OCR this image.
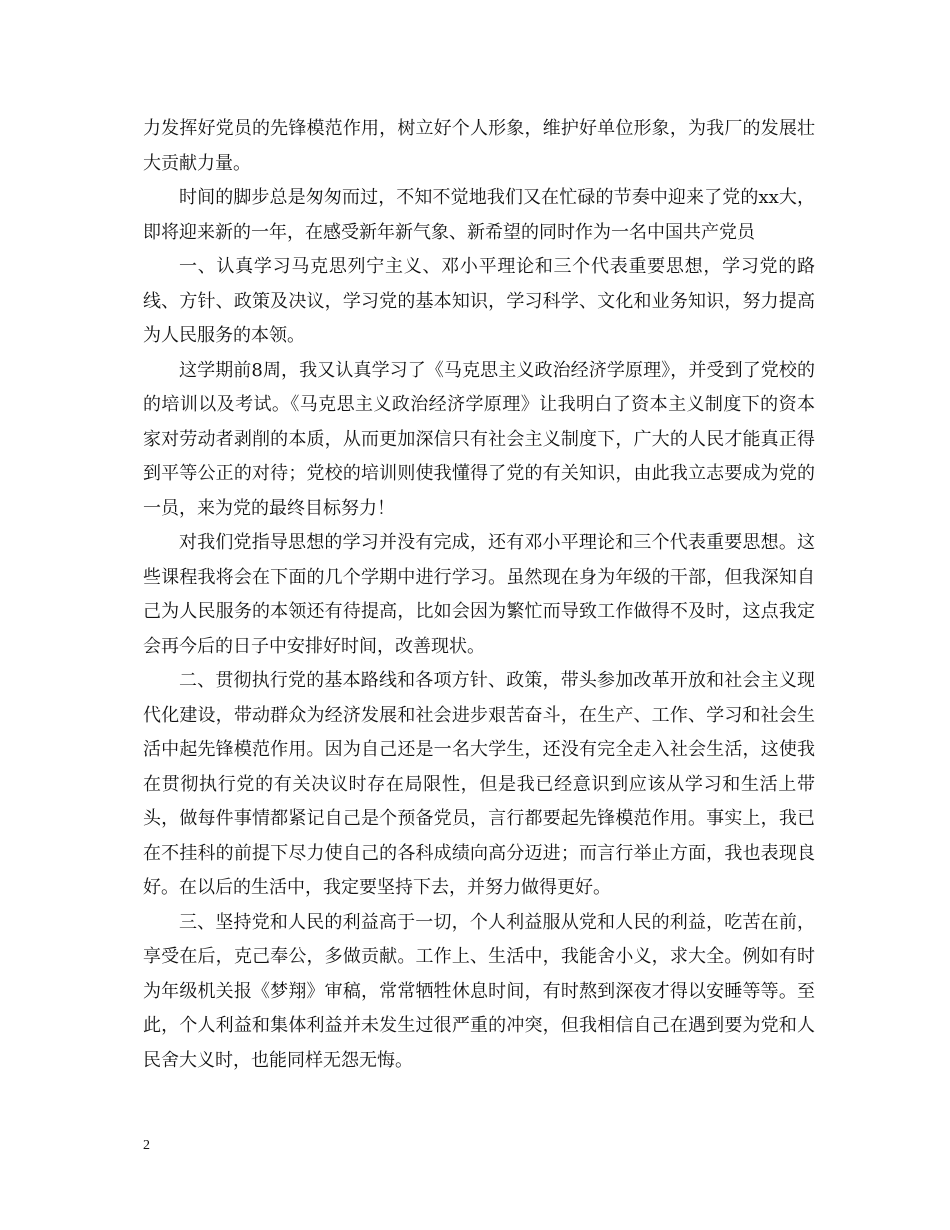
力发挥好党员的先锋模范作用，树立好个人形象，维护好单位形象，为我厂的发展壮大贡献力量。

时间的脚步总是匆匆而过，不知不觉地我们又在忙碌的节奏中迎来了党的xx大，即将迎来新的一年，在感受新年新气象、新希望的同时作为一名中国共产党员

一、认真学习马克思列宁主义、邓小平理论和三个代表重要思想，学习党的路线、方针、政策及决议，学习党的基本知识，学习科学、文化和业务知识，努力提高为人民服务的本领。

这学期前8周，我又认真学习了《马克思主义政治经济学原理》，并受到了党校的的培训以及考试。《马克思主义政治经济学原理》让我明白了资本主义制度下的资本家对劳动者剥削的本质，从而更加深信只有社会主义制度下，广大的人民才能真正得到平等公正的对待；党校的培训则使我懂得了党的有关知识，由此我立志要成为党的一员，来为党的最终目标努力！

对我们党指导思想的学习并没有完成，还有邓小平理论和三个代表重要思想。这些课程我将会在下面的几个学期中进行学习。虽然现在身为年级的干部，但我深知自己为人民服务的本领还有待提高，比如会因为繁忙而导致工作做得不及时，这点我定会再今后的日子中安排好时间，改善现状。

二、贯彻执行党的基本路线和各项方针、政策，带头参加改革开放和社会主义现代化建设，带动群众为经济发展和社会进步艰苦奋斗，在生产、工作、学习和社会生活中起先锋模范作用。因为自己还是一名大学生，还没有完全走入社会生活，这使我在贯彻执行党的有关决议时存在局限性，但是我已经意识到应该从学习和生活上带头，做每件事情都紧记自己是个预备党员，言行都要起先锋模范作用。事实上，我已在不挂科的前提下尽力使自己的各科成绩向高分迈进；而言行举止方面，我也表现良好。在以后的生活中，我定要坚持下去，并努力做得更好。

三、坚持党和人民的利益高于一切，个人利益服从党和人民的利益，吃苦在前，享受在后，克己奉公，多做贡献。工作上、生活中，我能舍小义，求大全。例如有时为年级机关报《梦翔》审稿，常常牺牲休息时间，有时熬到深夜才得以安睡等等。至此，个人利益和集体利益并未发生过很严重的冲突，但我相信自己在遇到要为党和人民舍大义时，也能同样无怨无悔。

2
